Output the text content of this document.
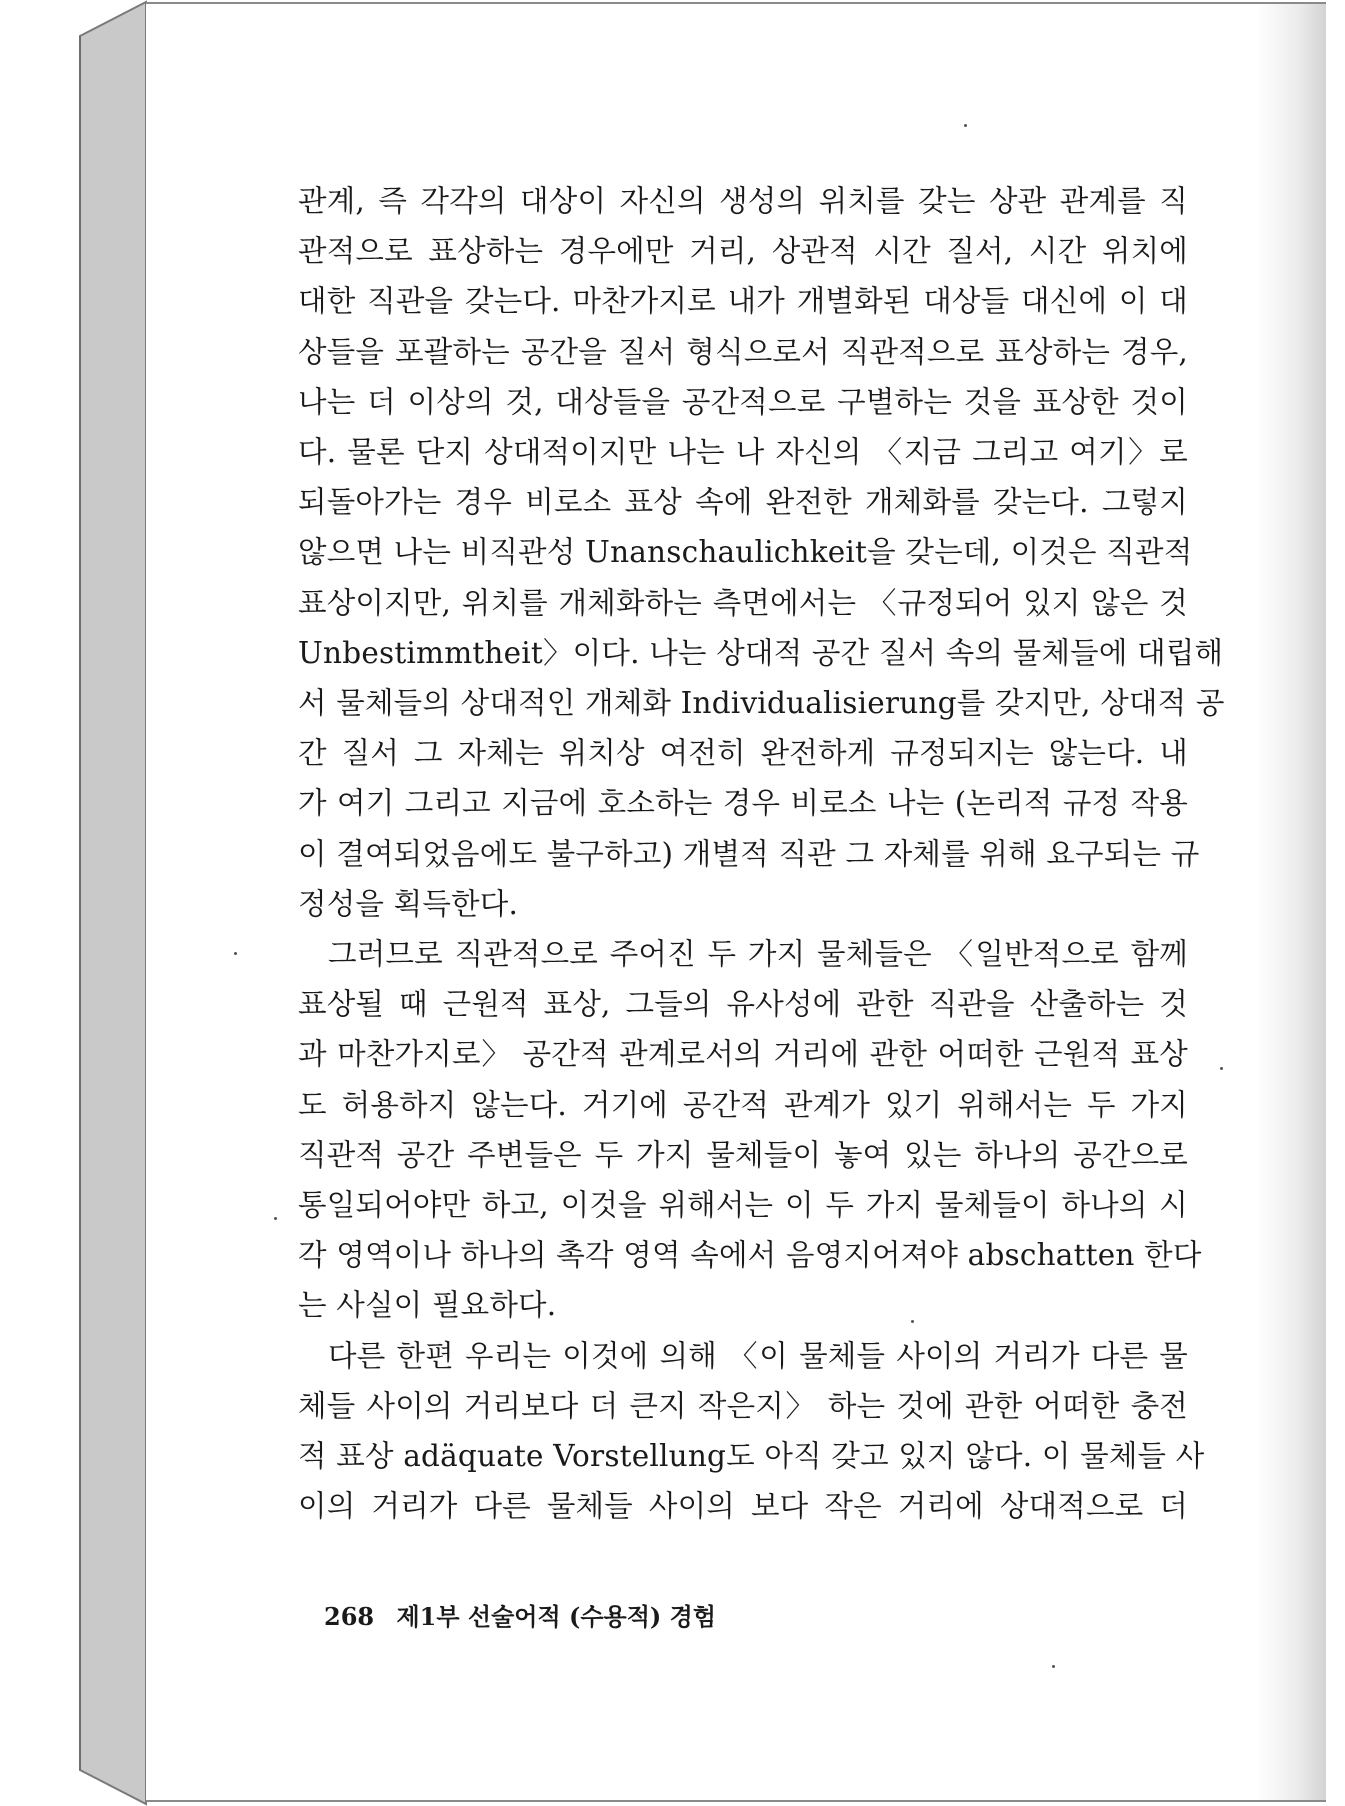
관계, 즉 각각의 대상이 자신의 생성의 위치를 갖는 상관 관계를 직
관적으로 표상하는 경우에만 거리, 상관적 시간 질서, 시간 위치에
대한 직관을 갖는다. 마찬가지로 내가 개별화된 대상들 대신에 이 대
상들을 포괄하는 공간을 질서 형식으로서 직관적으로 표상하는 경우,
나는 더 이상의 것, 대상들을 공간적으로 구별하는 것을 표상한 것이
다. 물론 단지 상대적이지만 나는 나 자신의 〈지금 그리고 여기〉로
되돌아가는 경우 비로소 표상 속에 완전한 개체화를 갖는다. 그렇지
않으면 나는 비직관성 Unanschaulichkeit을 갖는데, 이것은 직관적
표상이지만, 위치를 개체화하는 측면에서는 〈규정되어 있지 않은 것
Unbestimmtheit〉이다. 나는 상대적 공간 질서 속의 물체들에 대립해
서 물체들의 상대적인 개체화 Individualisierung를 갖지만, 상대적 공
간 질서 그 자체는 위치상 여전히 완전하게 규정되지는 않는다. 내
가 여기 그리고 지금에 호소하는 경우 비로소 나는 (논리적 규정 작용
이 결여되었음에도 불구하고) 개별적 직관 그 자체를 위해 요구되는 규
정성을 획득한다.

그러므로 직관적으로 주어진 두 가지 물체들은 〈일반적으로 함께
표상될 때 근원적 표상, 그들의 유사성에 관한 직관을 산출하는 것
과 마찬가지로〉 공간적 관계로서의 거리에 관한 어떠한 근원적 표상
도 허용하지 않는다. 거기에 공간적 관계가 있기 위해서는 두 가지
직관적 공간 주변들은 두 가지 물체들이 놓여 있는 하나의 공간으로
통일되어야만 하고, 이것을 위해서는 이 두 가지 물체들이 하나의 시
각 영역이나 하나의 촉각 영역 속에서 음영지어져야 abschatten 한다
는 사실이 필요하다.

다른 한편 우리는 이것에 의해 〈이 물체들 사이의 거리가 다른 물
체들 사이의 거리보다 더 큰지 작은지〉 하는 것에 관한 어떠한 충전
적 표상 adäquate Vorstellung도 아직 갖고 있지 않다. 이 물체들 사
이의 거리가 다른 물체들 사이의 보다 작은 거리에 상대적으로 더

268 제1부 선술어적 (수용적) 경험
